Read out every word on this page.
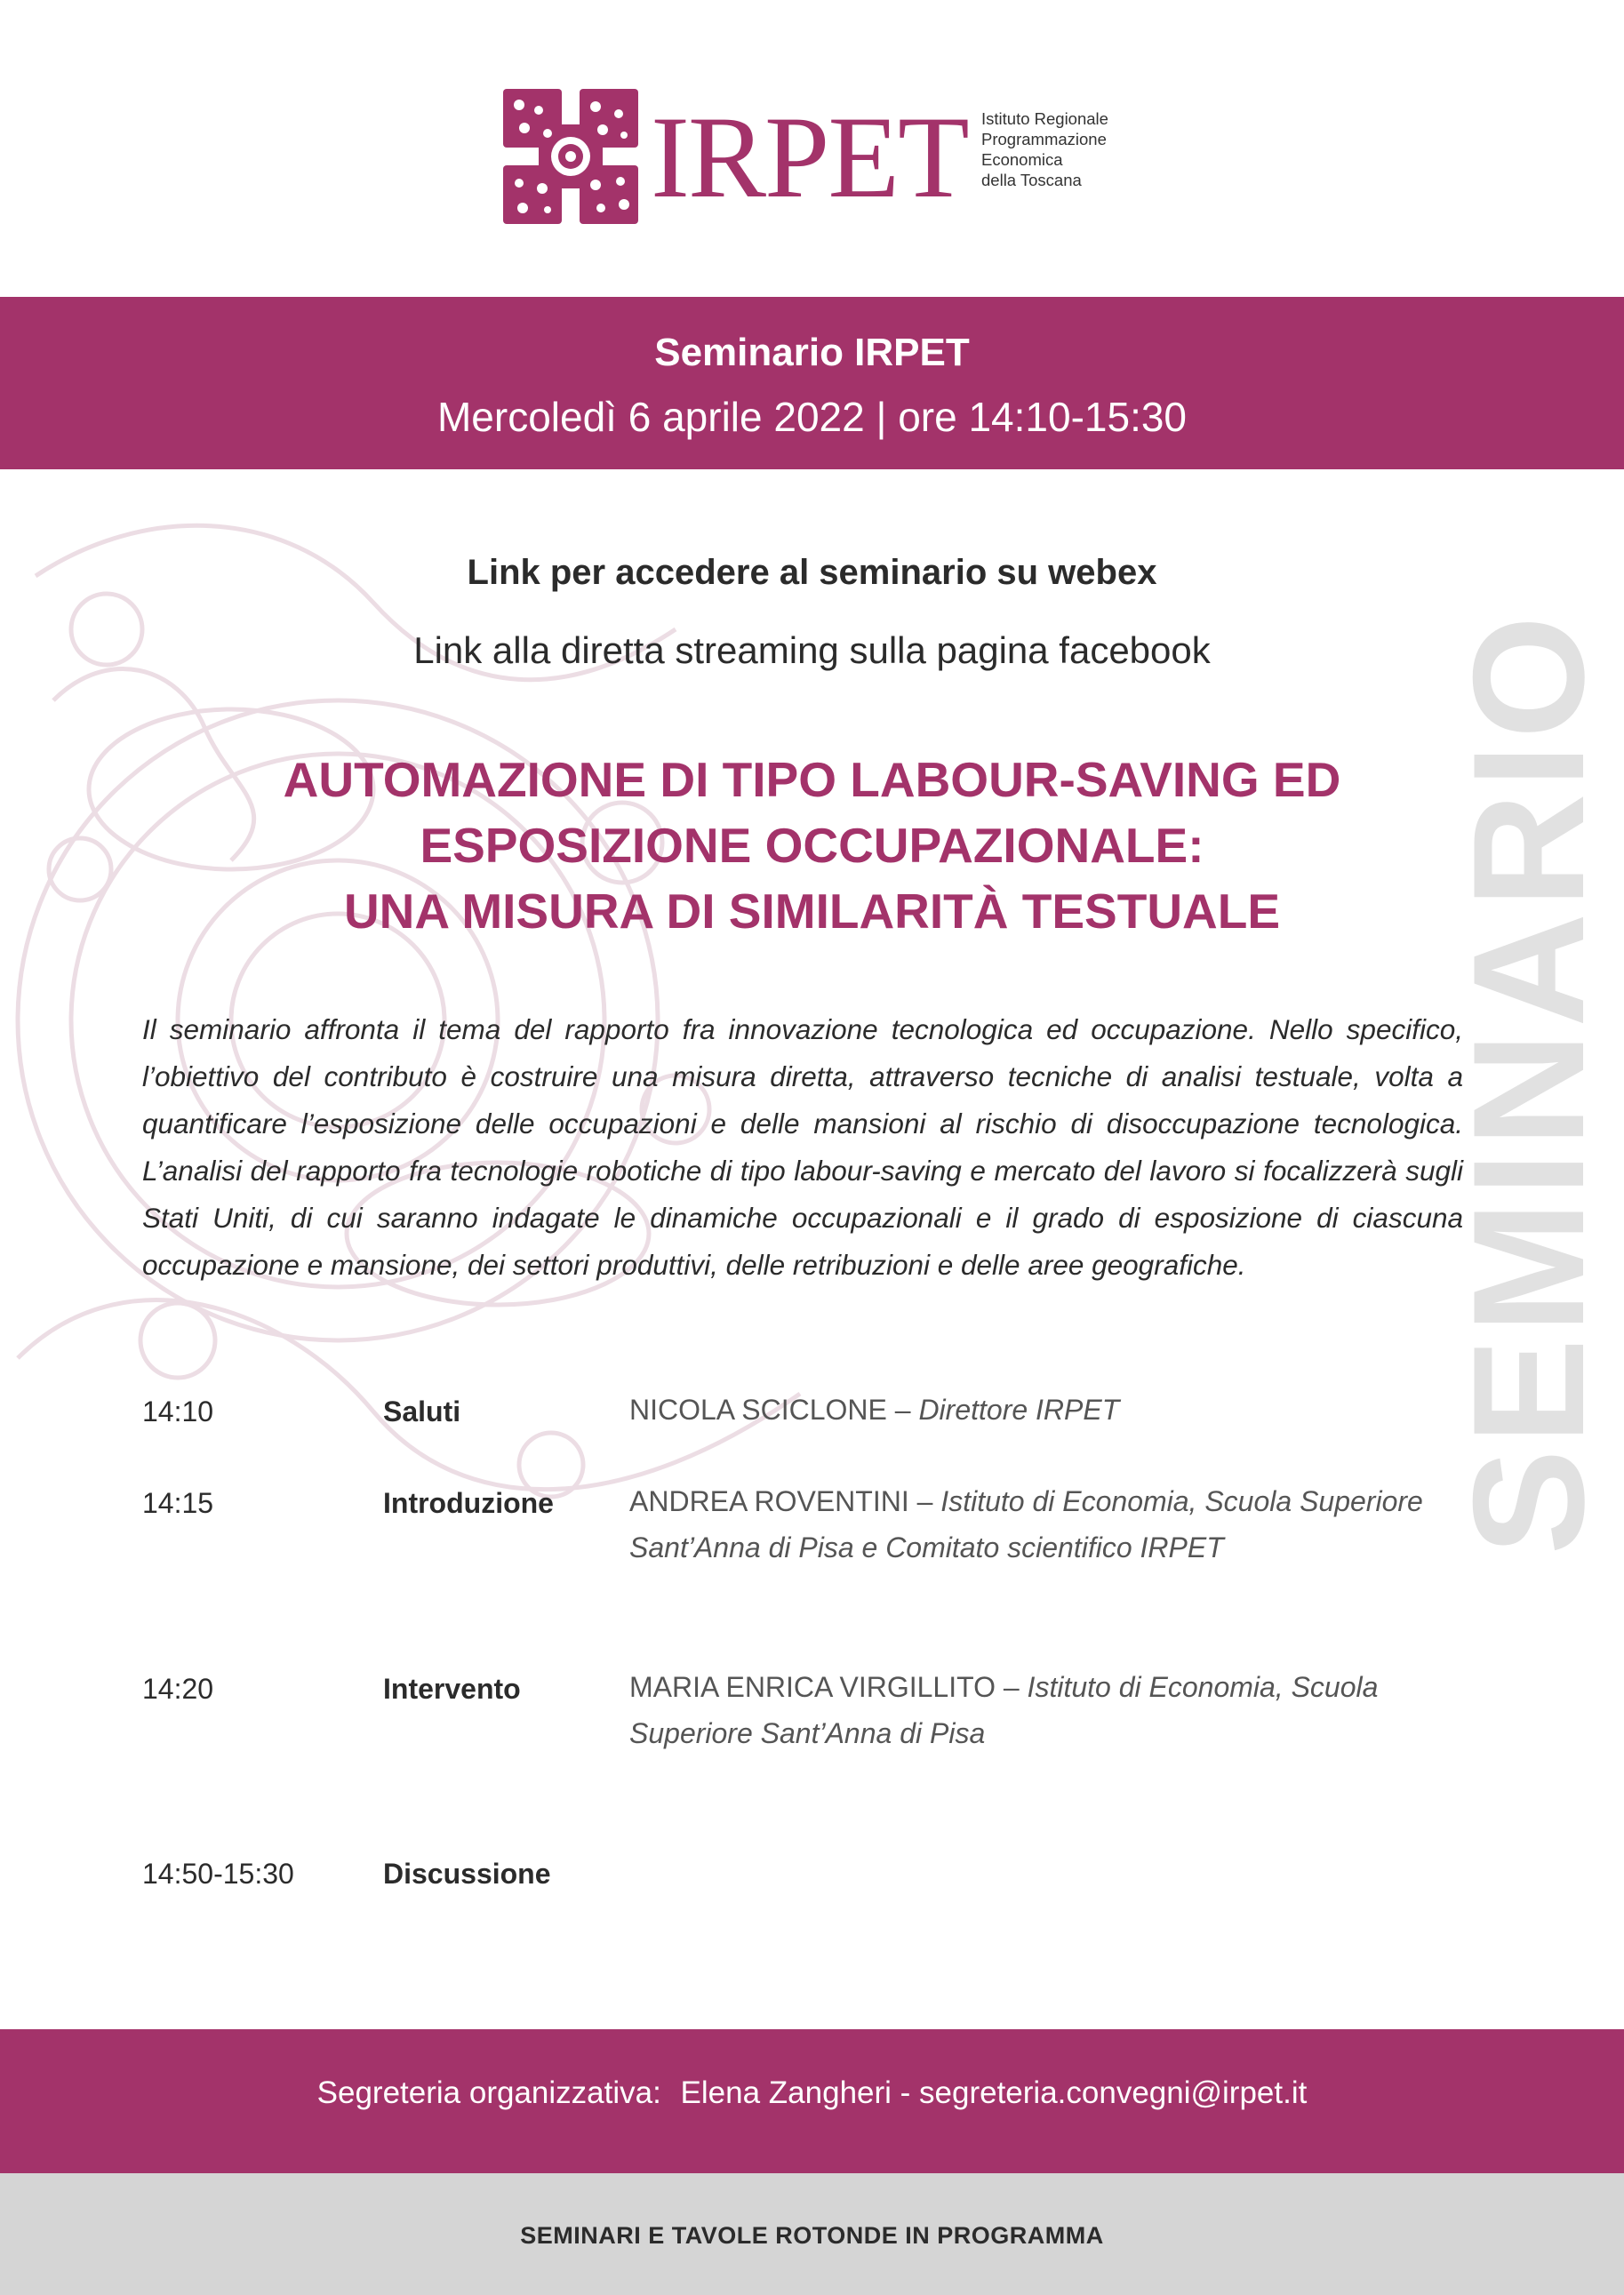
IRPET Istituto Regionale
Programmazione
Economica
della Toscana
Seminario IRPET
Mercoledì 6 aprile 2022 | ore 14:10-15:30
SEMINARIO
Link per accedere al seminario su webex
Link alla diretta streaming sulla pagina facebook
AUTOMAZIONE DI TIPO LABOUR-SAVING ED
ESPOSIZIONE OCCUPAZIONALE:
UNA MISURA DI SIMILARITÀ TESTUALE
Il seminario affronta il tema del rapporto fra innovazione tecnologica ed occupazione. Nello specifico, l’obiettivo del contributo è costruire una misura diretta, attraverso tecniche di analisi testuale, volta a quantificare l’esposizione delle occupazioni e delle mansioni al rischio di disoccupazione tecnologica. L’analisi del rapporto fra tecnologie robotiche di tipo labour-saving e mercato del lavoro si focalizzerà sugli Stati Uniti, di cui saranno indagate le dinamiche occupazionali e il grado di esposizione di ciascuna occupazione e mansione, dei settori produttivi, delle retribuzioni e delle aree geografiche.
14:10	Saluti	NICOLA SCICLONE – Direttore IRPET
14:15	Introduzione	ANDREA ROVENTINI – Istituto di Economia, Scuola Superiore Sant’Anna di Pisa e Comitato scientifico IRPET
14:20	Intervento	MARIA ENRICA VIRGILLITO – Istituto di Economia, Scuola Superiore Sant’Anna di Pisa
14:50-15:30	Discussione
Segreteria organizzativa: Elena Zangheri - segreteria.convegni@irpet.it
SEMINARI E TAVOLE ROTONDE IN PROGRAMMA
